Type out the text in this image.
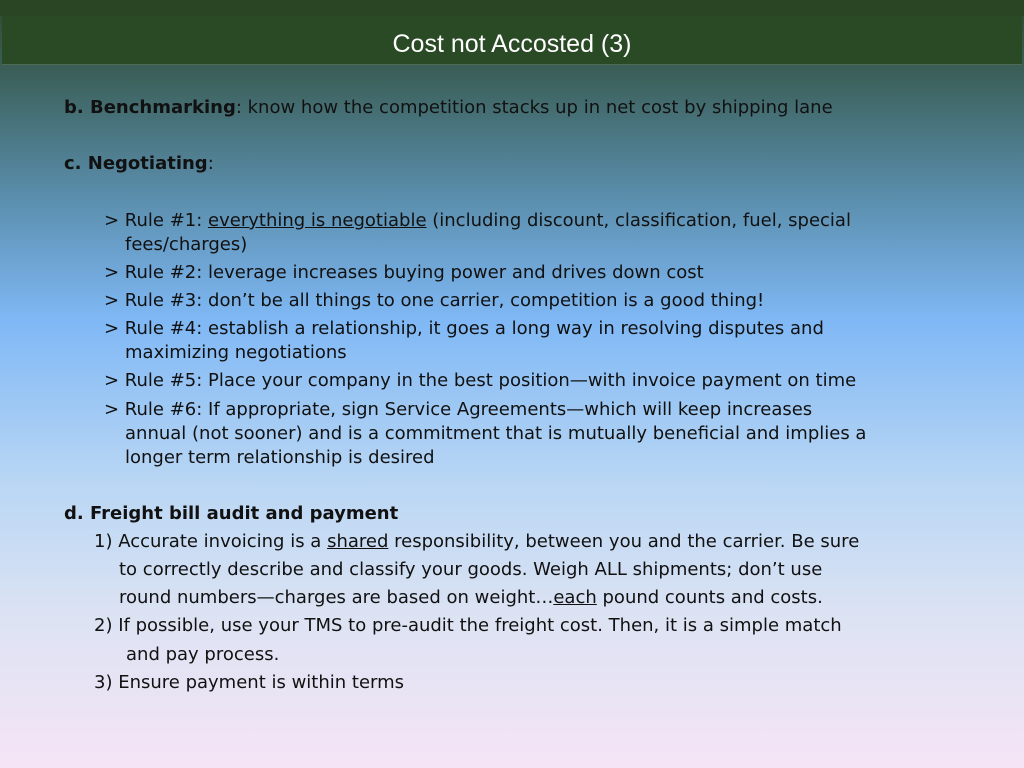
Cost not Accosted (3)
b. Benchmarking: know how the competition stacks up in net cost by shipping lane
c. Negotiating:
> Rule #1: everything is negotiable (including discount, classification, fuel, special
fees/charges)
> Rule #2: leverage increases buying power and drives down cost
> Rule #3: don’t be all things to one carrier, competition is a good thing!
> Rule #4: establish a relationship, it goes a long way in resolving disputes and
maximizing negotiations
> Rule #5: Place your company in the best position—with invoice payment on time
> Rule #6: If appropriate, sign Service Agreements—which will keep increases
annual (not sooner) and is a commitment that is mutually beneficial and implies a
longer term relationship is desired
d. Freight bill audit and payment
1) Accurate invoicing is a shared responsibility, between you and the carrier. Be sure
to correctly describe and classify your goods. Weigh ALL shipments; don’t use
round numbers—charges are based on weight…each pound counts and costs.
2) If possible, use your TMS to pre-audit the freight cost. Then, it is a simple match
and pay process.
3) Ensure payment is within terms
